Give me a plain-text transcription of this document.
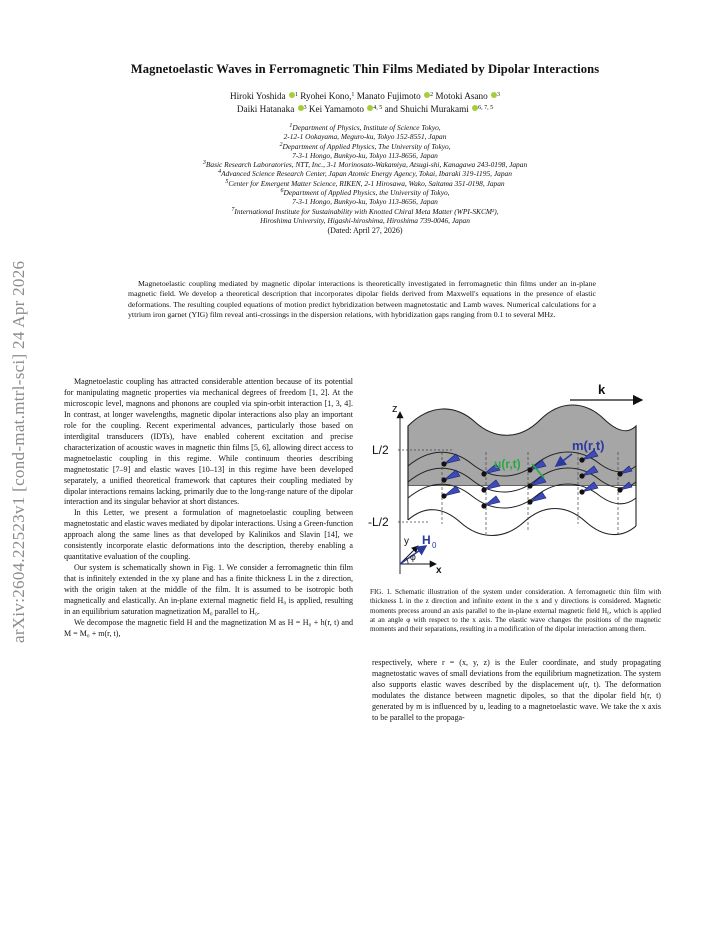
arXiv:2604.22523v1 [cond-mat.mtrl-sci] 24 Apr 2026
Magnetoelastic Waves in Ferromagnetic Thin Films Mediated by Dipolar Interactions
Hiroki Yoshida $^1$ Ryohei Kono,$^1$ Manato Fujimoto $^2$ Motoki Asano $^3$
Daiki Hatanaka $^3$ Kei Yamamoto $^{4, 5}$ and Shuichi Murakami $^{6, 7, 5}$
$^1$Department of Physics, Institute of Science Tokyo,
2-12-1 Ookayama, Meguro-ku, Tokyo 152-8551, Japan
$^2$Department of Applied Physics, The University of Tokyo,
7-3-1 Hongo, Bunkyo-ku, Tokyo 113-8656, Japan
$^3$Basic Research Laboratories, NTT, Inc., 3-1 Morinosato-Wakamiya, Atsugi-shi, Kanagawa 243-0198, Japan
$^4$Advanced Science Research Center, Japan Atomic Energy Agency, Tokai, Ibaraki 319-1195, Japan
$^5$Center for Emergent Matter Science, RIKEN, 2-1 Hirosawa, Wako, Saitama 351-0198, Japan
$^6$Department of Applied Physics, the University of Tokyo,
7-3-1 Hongo, Bunkyo-ku, Tokyo 113-8656, Japan
$^7$International Institute for Sustainability with Knotted Chiral Meta Matter (WPI-SKCM²),
Hiroshima University, Higashi-hiroshima, Hiroshima 739-0046, Japan
(Dated: April 27, 2026)

Magnetoelastic coupling mediated by magnetic dipolar interactions is theoretically investigated in ferromagnetic thin films under an in-plane magnetic field. We develop a theoretical description that incorporates dipolar fields derived from Maxwell's equations in the presence of elastic deformations. The resulting coupled equations of motion predict hybridization between magnetostatic and Lamb waves. Numerical calculations for a yttrium iron garnet (YIG) film reveal anti-crossings in the dispersion relations, with hybridization gaps ranging from 0.1 to several MHz.

Magnetoelastic coupling has attracted considerable attention because of its potential for manipulating magnetic properties via mechanical degrees of freedom [1, 2]. At the microscopic level, magnons and phonons are coupled via spin-orbit interaction [1, 3, 4]. In contrast, at longer wavelengths, magnetic dipolar interactions also play an important role for the coupling. Recent experimental advances, particularly those based on interdigital transducers (IDTs), have enabled coherent excitation and precise characterization of acoustic waves in magnetic thin films [5, 6], allowing direct access to magnetoelastic coupling in this regime. While continuum theories describing magnetostatic [7–9] and elastic waves [10–13] in this regime have been developed separately, a unified theoretical framework that captures their coupling mediated by dipolar interactions remains lacking, primarily due to the long-range nature of the dipolar interaction and its singular behavior at short distances.

In this Letter, we present a formulation of magnetoelastic coupling between magnetostatic and elastic waves mediated by dipolar interactions. Using a Green-function approach along the same lines as that developed by Kalinikos and Slavin [14], we consistently incorporate elastic deformations into the description, thereby enabling a quantitative evaluation of the coupling.

Our system is schematically shown in Fig. 1. We consider a ferromagnetic thin film that is infinitely extended in the xy plane and has a finite thickness L in the z direction, with the origin taken at the middle of the film. It is assumed to be isotropic both magnetically and elastically. An in-plane external magnetic field H₀ is applied, resulting in an equilibrium saturation magnetization M₀ parallel to H₀.

We decompose the magnetic field H and the magnetization M as H = H₀ + h(r, t) and M = M₀ + m(r, t),

m(r,t)
u(r,t)
k
z
L/2
-L/2
x
y
φ
H 0
FIG. 1. Schematic illustration of the system under consideration. A ferromagnetic thin film with thickness L in the z direction and infinite extent in the x and y directions is considered. Magnetic moments precess around an axis parallel to the in-plane external magnetic field H₀, which is applied at an angle φ with respect to the x axis. The elastic wave changes the positions of the magnetic moments and their separations, resulting in a modification of the dipolar interaction among them.

respectively, where r = (x, y, z) is the Euler coordinate, and study propagating magnetostatic waves of small deviations from the equilibrium magnetization. The system also supports elastic waves described by the displacement u(r, t). The deformation modulates the distance between magnetic dipoles, so that the dipolar field h(r, t) generated by m is influenced by u, leading to a magnetoelastic wave. We take the x axis to be parallel to the propaga-
